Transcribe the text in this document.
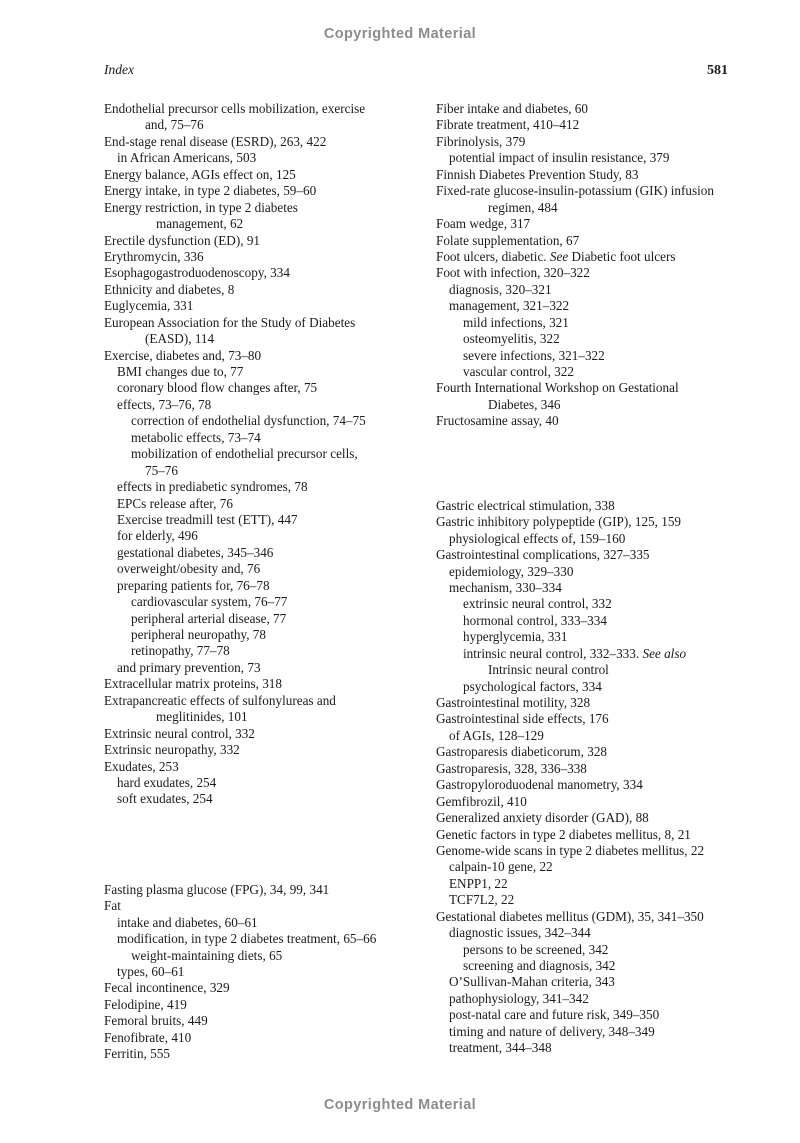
Copyrighted Material
Index	581
Endothelial precursor cells mobilization, exercise
and, 75–76
End-stage renal disease (ESRD), 263, 422
in African Americans, 503
Energy balance, AGIs effect on, 125
Energy intake, in type 2 diabetes, 59–60
Energy restriction, in type 2 diabetes
management, 62
Erectile dysfunction (ED), 91
Erythromycin, 336
Esophagogastroduodenoscopy, 334
Ethnicity and diabetes, 8
Euglycemia, 331
European Association for the Study of Diabetes
(EASD), 114
Exercise, diabetes and, 73–80
BMI changes due to, 77
coronary blood flow changes after, 75
effects, 73–76, 78
correction of endothelial dysfunction, 74–75
metabolic effects, 73–74
mobilization of endothelial precursor cells,
75–76
effects in prediabetic syndromes, 78
EPCs release after, 76
Exercise treadmill test (ETT), 447
for elderly, 496
gestational diabetes, 345–346
overweight/obesity and, 76
preparing patients for, 76–78
cardiovascular system, 76–77
peripheral arterial disease, 77
peripheral neuropathy, 78
retinopathy, 77–78
and primary prevention, 73
Extracellular matrix proteins, 318
Extrapancreatic effects of sulfonylureas and
meglitinides, 101
Extrinsic neural control, 332
Extrinsic neuropathy, 332
Exudates, 253
hard exudates, 254
soft exudates, 254
Fasting plasma glucose (FPG), 34, 99, 341
Fat
intake and diabetes, 60–61
modification, in type 2 diabetes treatment, 65–66
weight-maintaining diets, 65
types, 60–61
Fecal incontinence, 329
Felodipine, 419
Femoral bruits, 449
Fenofibrate, 410
Ferritin, 555
Fiber intake and diabetes, 60
Fibrate treatment, 410–412
Fibrinolysis, 379
potential impact of insulin resistance, 379
Finnish Diabetes Prevention Study, 83
Fixed-rate glucose-insulin-potassium (GIK) infusion
regimen, 484
Foam wedge, 317
Folate supplementation, 67
Foot ulcers, diabetic. See Diabetic foot ulcers
Foot with infection, 320–322
diagnosis, 320–321
management, 321–322
mild infections, 321
osteomyelitis, 322
severe infections, 321–322
vascular control, 322
Fourth International Workshop on Gestational
Diabetes, 346
Fructosamine assay, 40
Gastric electrical stimulation, 338
Gastric inhibitory polypeptide (GIP), 125, 159
physiological effects of, 159–160
Gastrointestinal complications, 327–335
epidemiology, 329–330
mechanism, 330–334
extrinsic neural control, 332
hormonal control, 333–334
hyperglycemia, 331
intrinsic neural control, 332–333. See also
Intrinsic neural control
psychological factors, 334
Gastrointestinal motility, 328
Gastrointestinal side effects, 176
of AGIs, 128–129
Gastroparesis diabeticorum, 328
Gastroparesis, 328, 336–338
Gastropyloroduodenal manometry, 334
Gemfibrozil, 410
Generalized anxiety disorder (GAD), 88
Genetic factors in type 2 diabetes mellitus, 8, 21
Genome-wide scans in type 2 diabetes mellitus, 22
calpain-10 gene, 22
ENPP1, 22
TCF7L2, 22
Gestational diabetes mellitus (GDM), 35, 341–350
diagnostic issues, 342–344
persons to be screened, 342
screening and diagnosis, 342
O’Sullivan-Mahan criteria, 343
pathophysiology, 341–342
post-natal care and future risk, 349–350
timing and nature of delivery, 348–349
treatment, 344–348
Copyrighted Material
